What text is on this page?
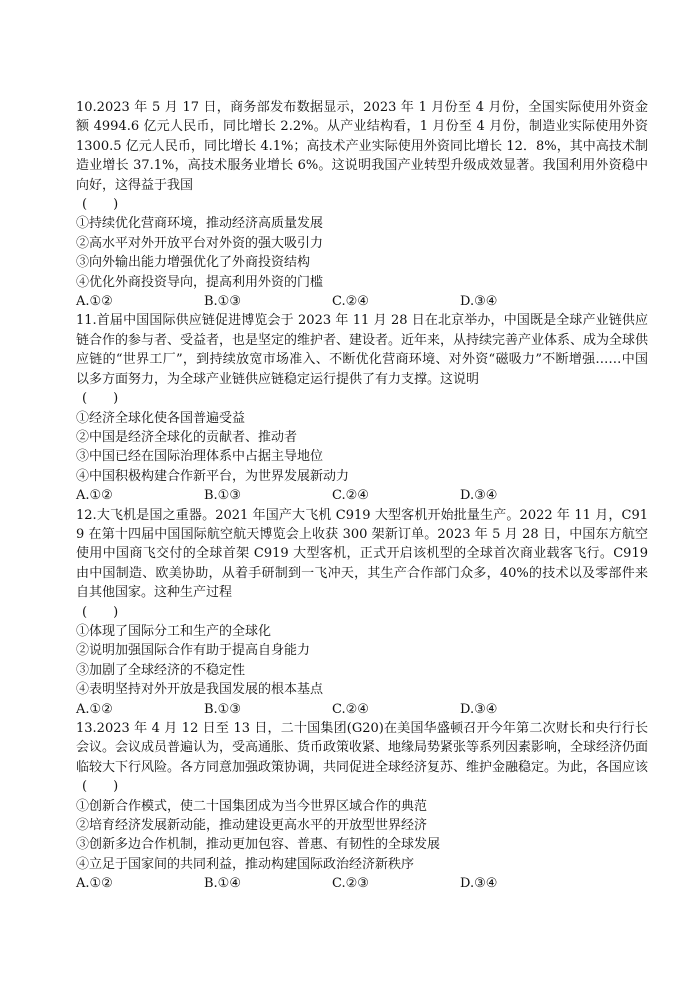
10.2023 年 5 月 17 日，商务部发布数据显示，2023 年 1 月份至 4 月份，全国实际使用外资金额 4994.6 亿元人民币，同比增长 2.2%。从产业结构看，1 月份至 4 月份，制造业实际使用外资 1300.5 亿元人民币，同比增长 4.1%；高技术产业实际使用外资同比增长 12．8%，其中高技术制造业增长 37.1%，高技术服务业增长 6%。这说明我国产业转型升级成效显著。我国利用外资稳中向好，这得益于我国

(　　)

①持续优化营商环境，推动经济高质量发展

②高水平对外开放平台对外资的强大吸引力

③向外输出能力增强优化了外商投资结构

④优化外商投资导向，提高利用外资的门槛

A.①②	B.①③	C.②④	D.③④

11.首届中国国际供应链促进博览会于 2023 年 11 月 28 日在北京举办，中国既是全球产业链供应链合作的参与者、受益者，也是坚定的维护者、建设者。近年来，从持续完善产业体系、成为全球供应链的“世界工厂”，到持续放宽市场准入、不断优化营商环境、对外资“磁吸力”不断增强……中国以多方面努力，为全球产业链供应链稳定运行提供了有力支撑。这说明

(　　)

①经济全球化使各国普遍受益

②中国是经济全球化的贡献者、推动者

③中国已经在国际治理体系中占据主导地位

④中国积极构建合作新平台，为世界发展新动力

A.①②	B.①③	C.②④	D.③④

12.大飞机是国之重器。2021 年国产大飞机 C919 大型客机开始批量生产。2022 年 11 月，C919 在第十四届中国国际航空航天博览会上收获 300 架新订单。2023 年 5 月 28 日，中国东方航空使用中国商飞交付的全球首架 C919 大型客机，正式开启该机型的全球首次商业载客飞行。C919 由中国制造、欧美协助，从着手研制到一飞冲天，其生产合作部门众多，40%的技术以及零部件来自其他国家。这种生产过程

(　　)

①体现了国际分工和生产的全球化

②说明加强国际合作有助于提高自身能力

③加剧了全球经济的不稳定性

④表明坚持对外开放是我国发展的根本基点

A.①②	B.①③	C.②④	D.③④

13.2023 年 4 月 12 日至 13 日，二十国集团(G20)在美国华盛顿召开今年第二次财长和央行行长会议。会议成员普遍认为，受高通胀、货币政策收紧、地缘局势紧张等系列因素影响，全球经济仍面临较大下行风险。各方同意加强政策协调，共同促进全球经济复苏、维护金融稳定。为此，各国应该

(　　)

①创新合作模式，使二十国集团成为当今世界区域合作的典范

②培育经济发展新动能，推动建设更高水平的开放型世界经济

③创新多边合作机制，推动更加包容、普惠、有韧性的全球发展

④立足于国家间的共同利益，推动构建国际政治经济新秩序

A.①②	B.①④	C.②③	D.③④
